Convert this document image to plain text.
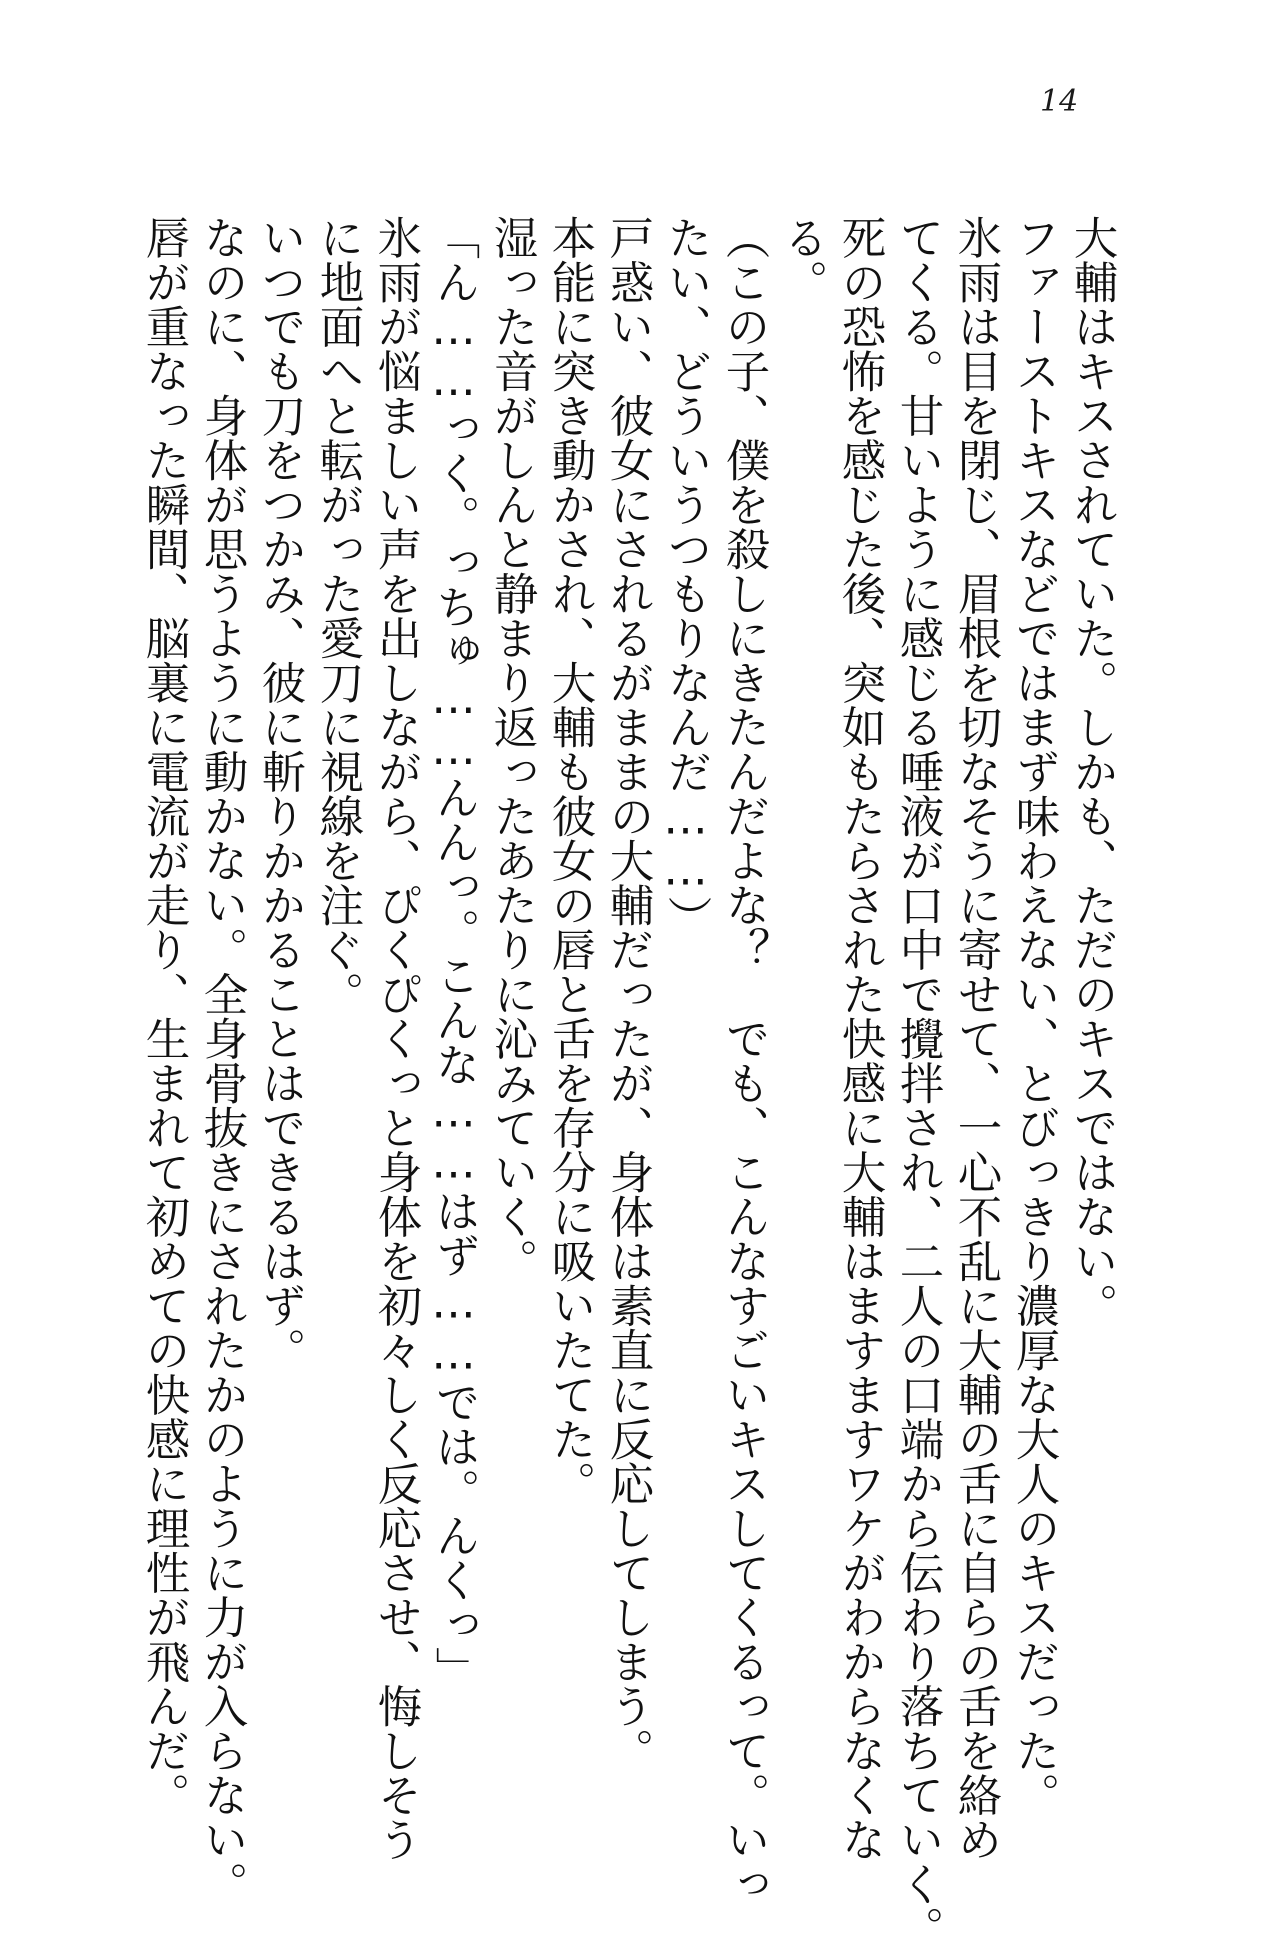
14

大輔はキスされていた。しかも、ただのキスではない。

ファーストキスなどではまず味わえない、とびっきり濃厚な大人のキスだった。

氷雨は目を閉じ、眉根を切なそうに寄せて、一心不乱に大輔の舌に自らの舌を絡め

てくる。甘いように感じる唾液が口中で攪拌され、二人の口端から伝わり落ちていく。

死の恐怖を感じた後、突如もたらされた快感に大輔はますますワケがわからなくな

る。

（この子、僕を殺しにきたんだよな？　でも、こんなすごいキスしてくるって。いっ

たい、どういうつもりなんだ……）

戸惑い、彼女にされるがままの大輔だったが、身体は素直に反応してしまう。

本能に突き動かされ、大輔も彼女の唇と舌を存分に吸いたてた。

湿った音がしんと静まり返ったあたりに沁みていく。

「ん……っく。っちゅ……んんっ。こんな……はず……では。んくっ」

氷雨が悩ましい声を出しながら、ぴくぴくっと身体を初々しく反応させ、悔しそう

に地面へと転がった愛刀に視線を注ぐ。

いつでも刀をつかみ、彼に斬りかかることはできるはず。

なのに、身体が思うように動かない。全身骨抜きにされたかのように力が入らない。

唇が重なった瞬間、脳裏に電流が走り、生まれて初めての快感に理性が飛んだ。
